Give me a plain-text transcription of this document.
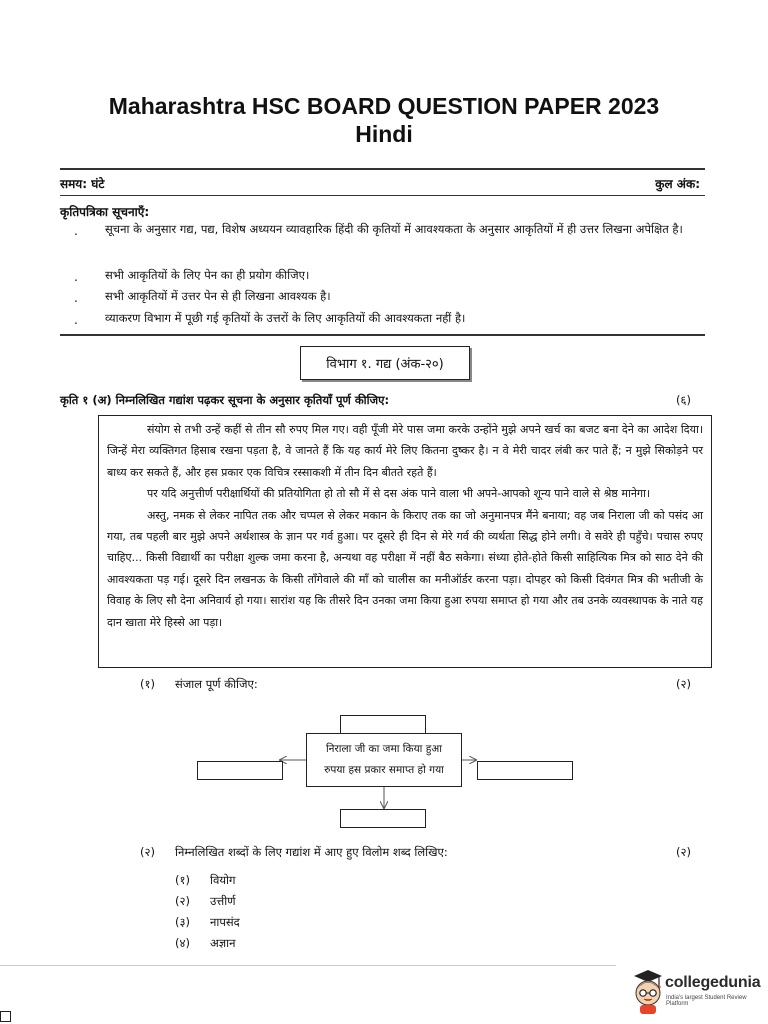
Maharashtra HSC BOARD QUESTION PAPER 2023
Hindi
समय: घंटे	कुल अंक:
कृतिपत्रिका सूचनाएँ:
. सूचना के अनुसार गद्य, पद्य, विशेष अध्ययन व्यावहारिक हिंदी की कृतियों में आवश्यकता के अनुसार आकृतियों में ही उत्तर लिखना अपेक्षित है।
. सभी आकृतियों के लिए पेन का ही प्रयोग कीजिए।
. सभी आकृतियों में उत्तर पेन से ही लिखना आवश्यक है।
. व्याकरण विभाग में पूछी गई कृतियों के उत्तरों के लिए आकृतियों की आवश्यकता नहीं है।
विभाग १. गद्य (अंक-२०)
कृति १ (अ) निम्नलिखित गद्यांश पढ़कर सूचना के अनुसार कृतियाँ पूर्ण कीजिए:	(६)

संयोग से तभी उन्हें कहीं से तीन सौ रुपए मिल गए। वही पूँजी मेरे पास जमा करके उन्होंने मुझे अपने खर्च का बजट बना देने का आदेश दिया। जिन्हें मेरा व्यक्तिगत हिसाब रखना पड़ता है, वे जानते हैं कि यह कार्य मेरे लिए कितना दुष्कर है। न वे मेरी चादर लंबी कर पाते हैं; न मुझे सिकोड़ने पर बाध्य कर सकते हैं, और हस प्रकार एक विचित्र रस्साकशी में तीन दिन बीतते रहते हैं।

पर यदि अनुत्तीर्ण परीक्षार्थियों की प्रतियोगिता हो तो सौ में से दस अंक पाने वाला भी अपने-आपको शून्य पाने वाले से श्रेष्ठ मानेगा।

अस्तु, नमक से लेकर नापित तक और चप्पल से लेकर मकान के किराए तक का जो अनुमानपत्र मैंने बनाया; वह जब निराला जी को पसंद आ गया, तब पहली बार मुझे अपने अर्थशास्त्र के ज्ञान पर गर्व हुआ। पर दूसरे ही दिन से मेरे गर्व की व्यर्थता सिद्ध होने लगी। वे सवेरे ही पहुँचे। पचास रुपए चाहिए... किसी विद्यार्थी का परीक्षा शुल्क जमा करना है, अन्यथा वह परीक्षा में नहीं बैठ सकेगा। संध्या होते-होते किसी साहित्यिक मित्र को साठ देने की आवश्यकता पड़ गई। दूसरे दिन लखनऊ के किसी ताँगेवाले की माँ को चालीस का मनीऑर्डर करना पड़ा। दोपहर को किसी दिवंगत मित्र की भतीजी के विवाह के लिए सौ देना अनिवार्य हो गया। सारांश यह कि तीसरे दिन उनका जमा किया हुआ रुपया समाप्त हो गया और तब उनके व्यवस्थापक के नाते यह दान खाता मेरे हिस्से आ पड़ा।

(१) संजाल पूर्ण कीजिए:	(२)
निराला जी का जमा किया हुआ
रुपया हस प्रकार समाप्त हो गया
(२) निम्नलिखित शब्दों के लिए गद्यांश में आए हुए विलोम शब्द लिखिए:	(२)
(१) वियोग
(२) उत्तीर्ण
(३) नापसंद
(४) अज्ञान
collegedunia
India's largest Student Review Platform
